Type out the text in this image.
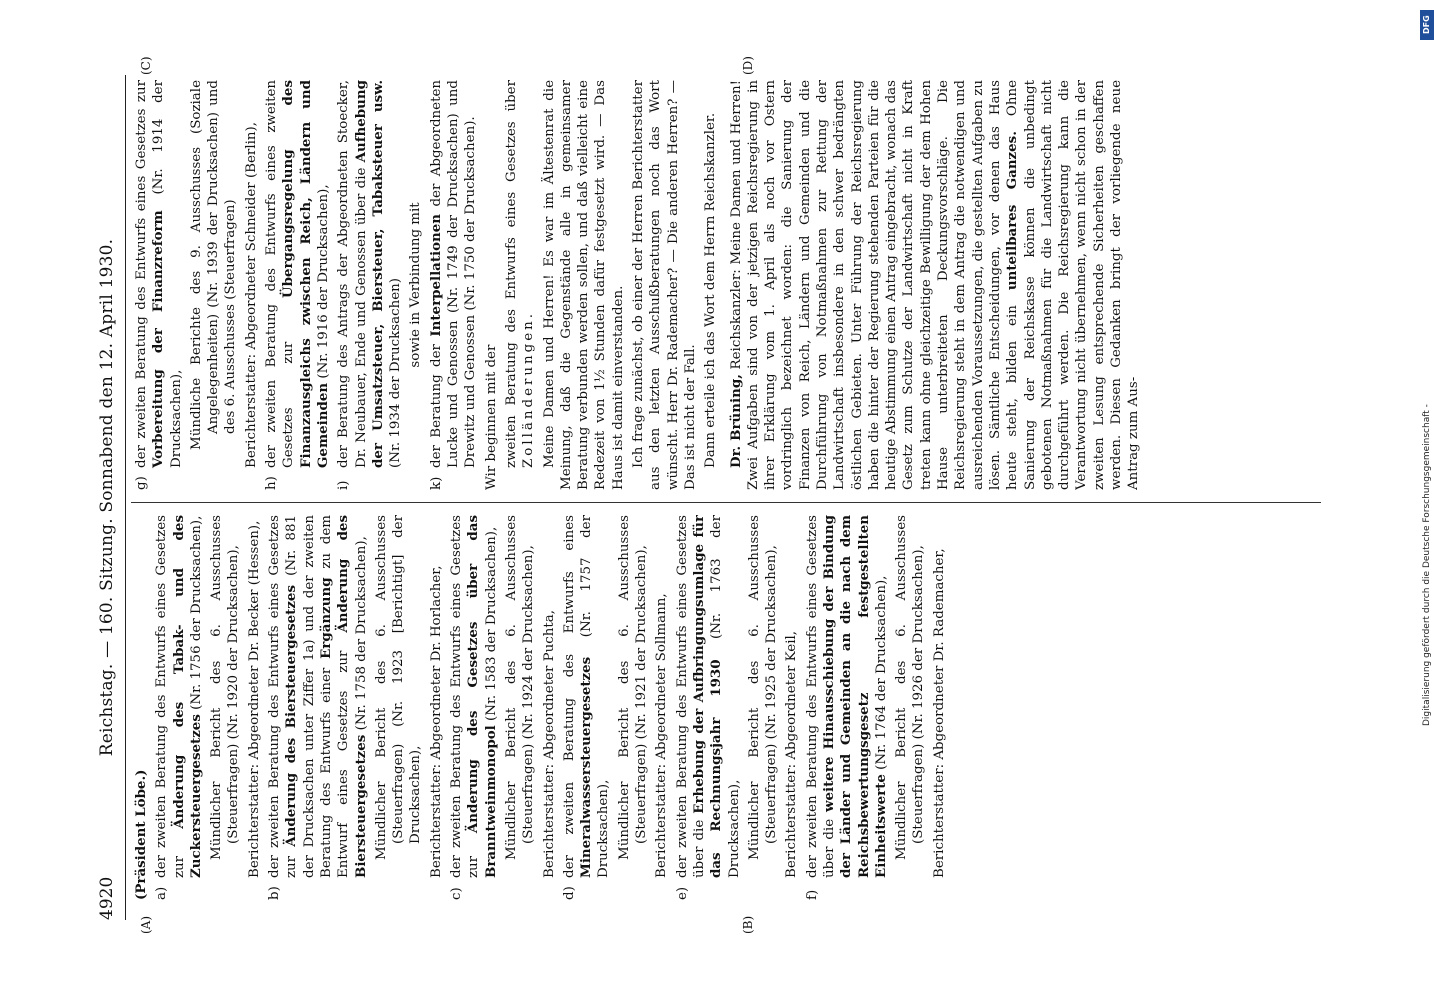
4920
Reichstag. — 160. Sitzung. Sonnabend den 12. April 1930.

(Präsident Löbe.) a)der zweiten Beratung des Entwurfs eines Gesetzes zur Änderung des Tabak- und des Zuckersteuergesetzes (Nr. 1756 der Drucksachen), Mündlicher Bericht des 6. Ausschusses (Steuerfragen) (Nr. 1920 der Drucksachen), Berichterstatter: Abgeordneter Dr. Becker (Hessen),

b)der zweiten Beratung des Entwurfs eines Gesetzes zur Änderung des Biersteuergesetzes (Nr. 881 der Drucksachen unter Ziffer 1a) und der zweiten Beratung des Entwurfs einer Ergänzung zu dem Entwurf eines Gesetzes zur Änderung des Biersteuergesetzes (Nr. 1758 der Drucksachen), Mündlicher Bericht des 6. Ausschusses (Steuerfragen) (Nr. 1923 [Berichtigt] der Drucksachen), Berichterstatter: Abgeordneter Dr. Horlacher,

c)der zweiten Beratung des Entwurfs eines Gesetzes zur Änderung des Gesetzes über das Branntweinmonopol (Nr. 1583 der Drucksachen), Mündlicher Bericht des 6. Ausschusses (Steuerfragen) (Nr. 1924 der Drucksachen), Berichterstatter: Abgeordneter Puchta,

d)der zweiten Beratung des Entwurfs eines Mineralwassersteuergesetzes (Nr. 1757 der Drucksachen), Mündlicher Bericht des 6. Ausschusses (Steuerfragen) (Nr. 1921 der Drucksachen), Berichterstatter: Abgeordneter Sollmann,

e)der zweiten Beratung des Entwurfs eines Gesetzes über die Erhebung der Aufbringungsumlage für das Rechnungsjahr 1930 (Nr. 1763 der Drucksachen), Mündlicher Bericht des 6. Ausschusses (Steuerfragen) (Nr. 1925 der Drucksachen), Berichterstatter: Abgeordneter Keil,

f)der zweiten Beratung des Entwurfs eines Gesetzes über die weitere Hinausschiebung der Bindung der Länder und Gemeinden an die nach dem Reichsbewertungsgesetz festgestellten Einheitswerte (Nr. 1764 der Drucksachen), Mündlicher Bericht des 6. Ausschusses (Steuerfragen) (Nr. 1926 der Drucksachen), Berichterstatter: Abgeordneter Dr. Rademacher,

g)der zweiten Beratung des Entwurfs eines Gesetzes zur Vorbereitung der Finanzreform (Nr. 1914 der Drucksachen), Mündliche Berichte des 9. Ausschusses (Soziale Angelegenheiten) (Nr. 1939 der Drucksachen) und des 6. Ausschusses (Steuerfragen) Berichterstatter: Abgeordneter Schneider (Berlin),

h)der zweiten Beratung des Entwurfs eines zweiten Gesetzes zur Übergangsregelung des Finanzausgleichs zwischen Reich, Ländern und Gemeinden (Nr. 1916 der Drucksachen),

i)der Beratung des Antrags der Abgeordneten Stoecker, Dr. Neubauer, Ende und Genossen über die Aufhebung der Umsatzsteuer, Biersteuer, Tabaksteuer usw. (Nr. 1934 der Drucksachen) sowie in Verbindung mit

k)der Beratung der Interpellationen der Abgeordneten Lucke und Genossen (Nr. 1749 der Drucksachen) und Drewitz und Genossen (Nr. 1750 der Drucksachen). Wir beginnen mit der zweiten Beratung des Entwurfs eines Gesetzes über Zolländerungen. Meine Damen und Herren! Es war im Ältestenrat die Meinung, daß die Gegenstände alle in gemeinsamer Beratung verbunden werden sollen, und daß vielleicht eine Redezeit von 1½ Stunden dafür festgesetzt wird. — Das Haus ist damit einverstanden. Ich frage zunächst, ob einer der Herren Berichterstatter aus den letzten Ausschußberatungen noch das Wort wünscht. Herr Dr. Rademacher? — Die anderen Herren? — Das ist nicht der Fall. Dann erteile ich das Wort dem Herrn Reichskanzler. Dr. Brüning, Reichskanzler: Meine Damen und Herren! Zwei Aufgaben sind von der jetzigen Reichsregierung in ihrer Erklärung vom 1. April als noch vor Ostern vordringlich bezeichnet worden: die Sanierung der Finanzen von Reich, Ländern und Gemeinden und die Durchführung von Notmaßnahmen zur Rettung der Landwirtschaft insbesondere in den schwer bedrängten östlichen Gebieten. Unter Führung der Reichsregierung haben die hinter der Regierung stehenden Parteien für die heutige Abstimmung einen Antrag eingebracht, wonach das Gesetz zum Schutze der Landwirtschaft nicht in Kraft treten kann ohne gleichzeitige Bewilligung der dem Hohen Hause unterbreiteten Deckungsvorschläge. Die Reichsregierung steht in dem Antrag die notwendigen und ausreichenden Voraussetzungen, die gestellten Aufgaben zu lösen. Sämtliche Entscheidungen, vor denen das Haus heute steht, bilden ein unteilbares Ganzes. Ohne Sanierung der Reichskasse können die unbedingt gebotenen Notmaßnahmen für die Landwirtschaft nicht durchgeführt werden. Die Reichsregierung kann die Verantwortung nicht übernehmen, wenn nicht schon in der zweiten Lesung entsprechende Sicherheiten geschaffen werden. Diesen Gedanken bringt der vorliegende neue Antrag zum Aus-

(A)	(B)
(C)	(D)
DFG
Digitalisierung gefördert durch die Deutsche Forschungsgemeinschaft -
